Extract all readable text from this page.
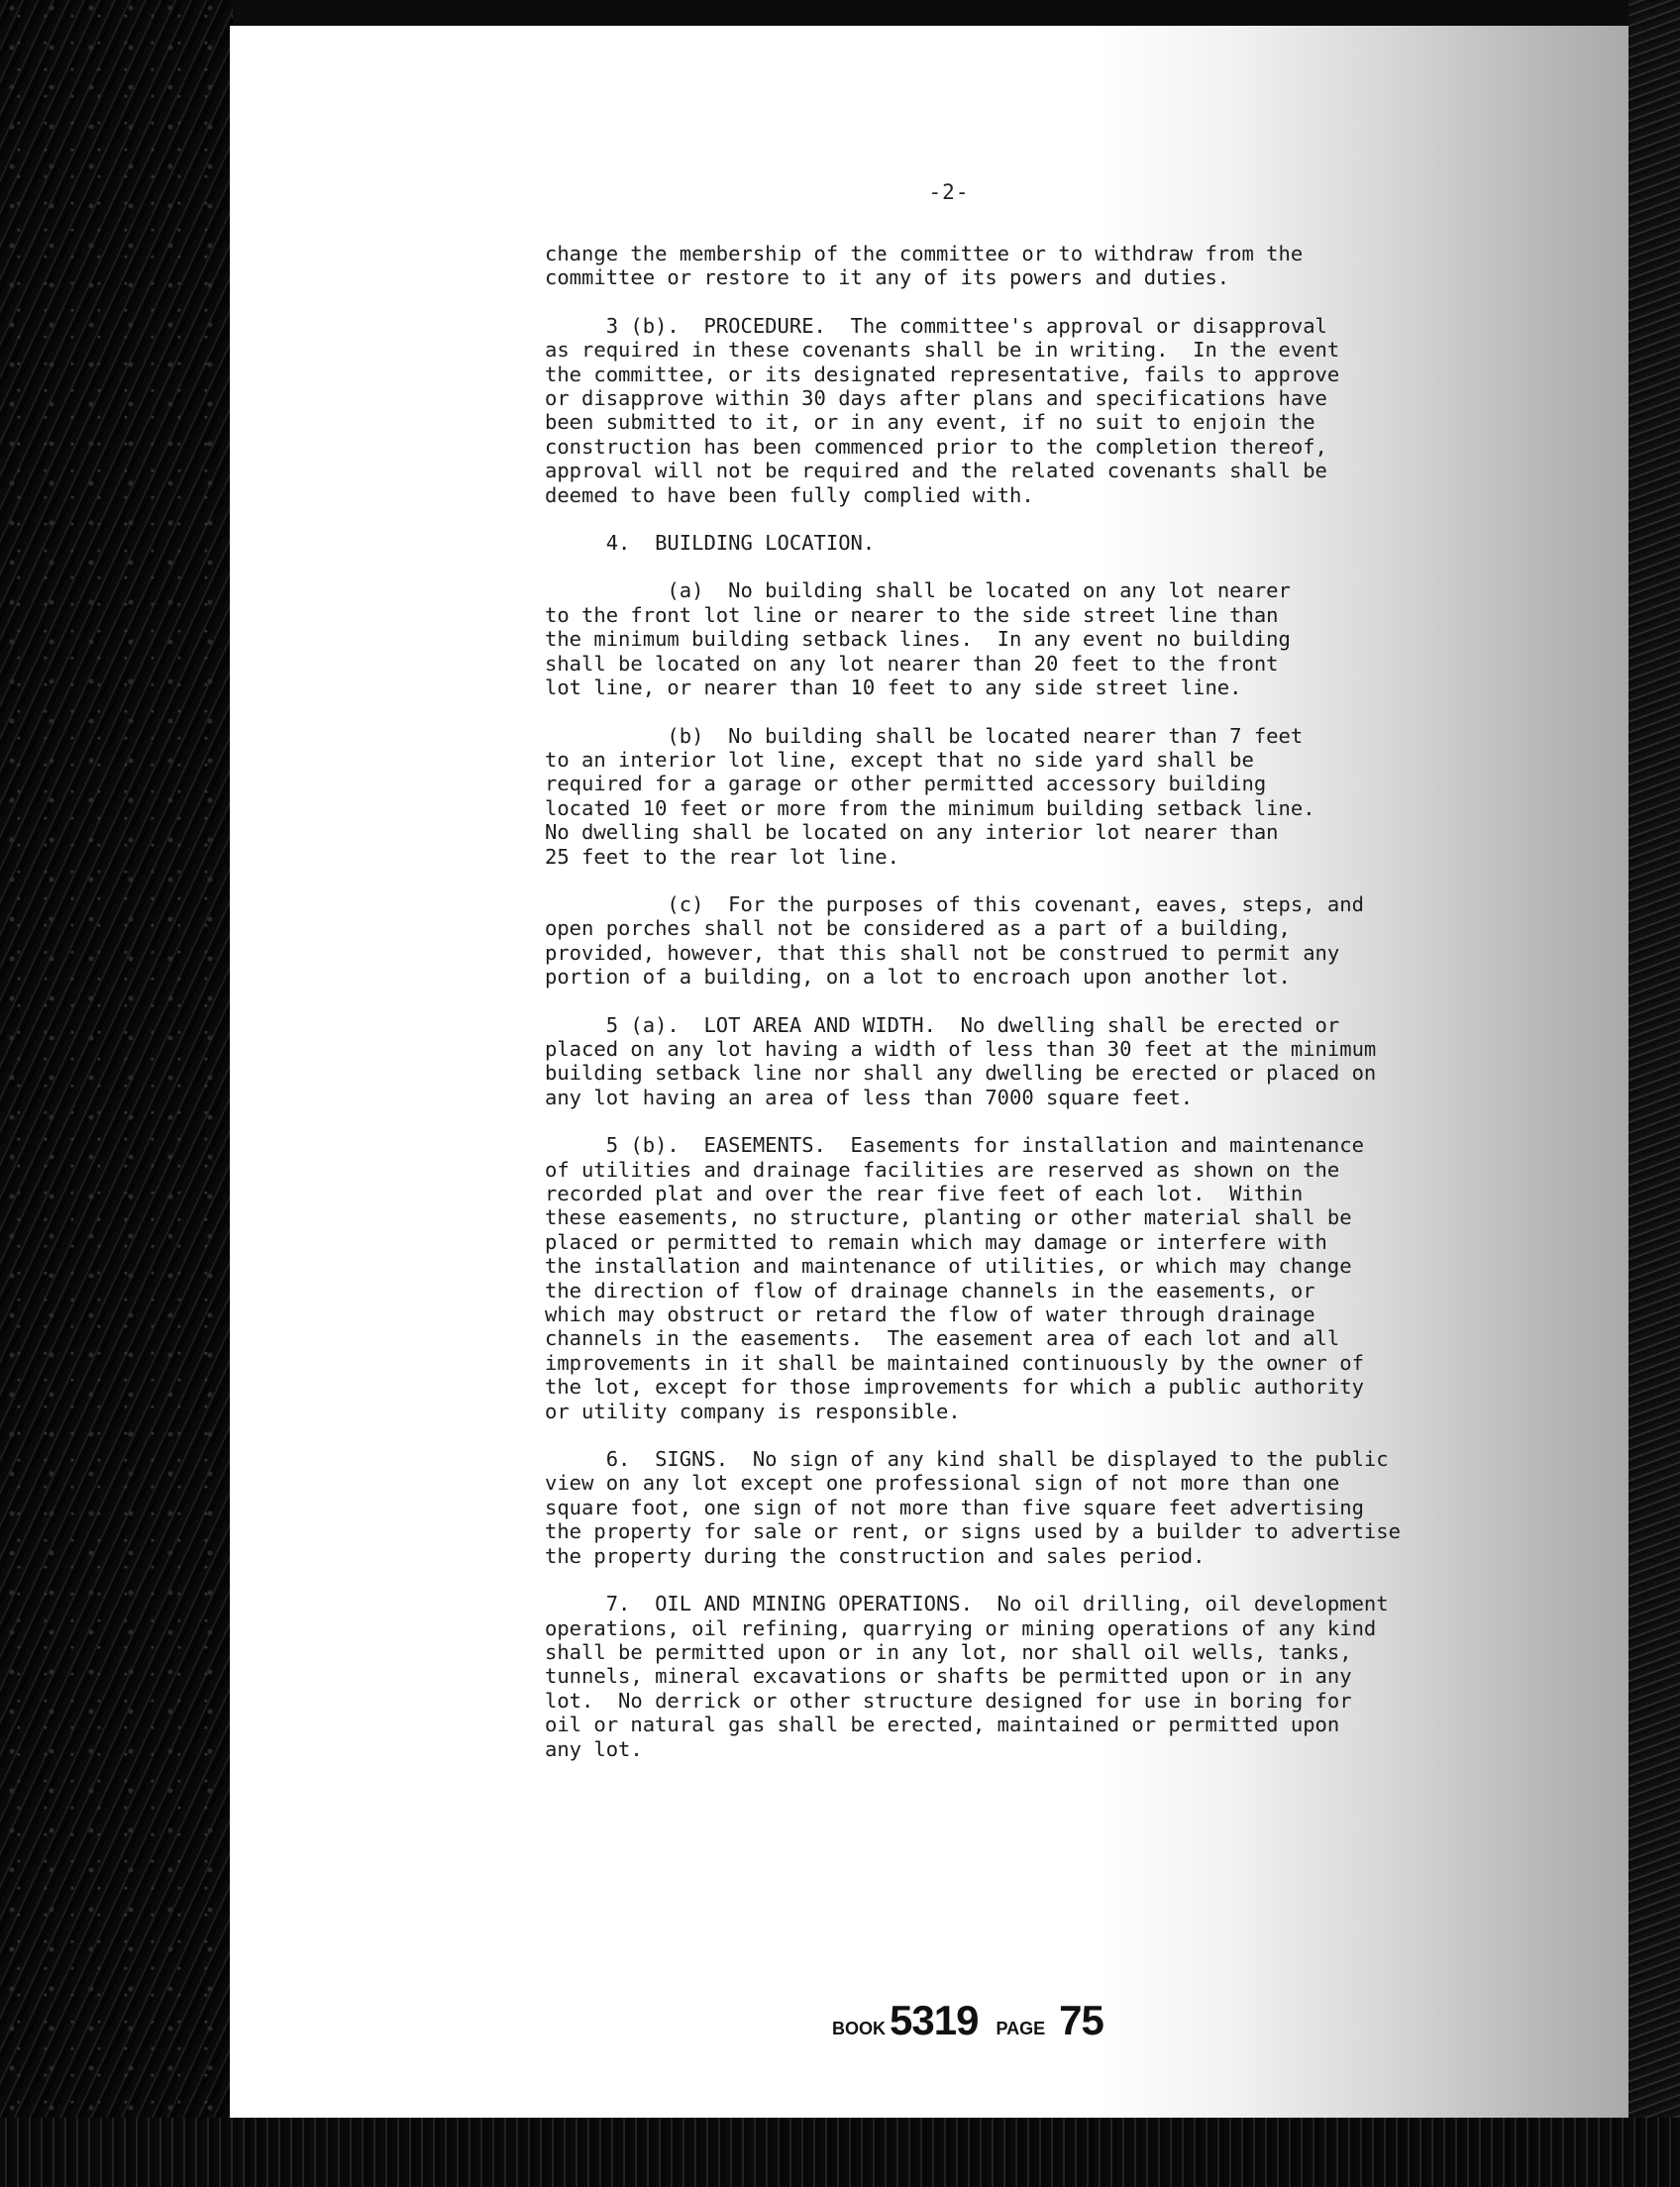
-2-

change the membership of the committee or to withdraw from the
committee or restore to it any of its powers and duties.

3 (b).  PROCEDURE.  The committee's approval or disapproval
as required in these covenants shall be in writing.  In the event
the committee, or its designated representative, fails to approve
or disapprove within 30 days after plans and specifications have
been submitted to it, or in any event, if no suit to enjoin the
construction has been commenced prior to the completion thereof,
approval will not be required and the related covenants shall be
deemed to have been fully complied with.

4.  BUILDING LOCATION.

(a)  No building shall be located on any lot nearer
to the front lot line or nearer to the side street line than
the minimum building setback lines.  In any event no building
shall be located on any lot nearer than 20 feet to the front
lot line, or nearer than 10 feet to any side street line.

(b)  No building shall be located nearer than 7 feet
to an interior lot line, except that no side yard shall be
required for a garage or other permitted accessory building
located 10 feet or more from the minimum building setback line.
No dwelling shall be located on any interior lot nearer than
25 feet to the rear lot line.

(c)  For the purposes of this covenant, eaves, steps, and
open porches shall not be considered as a part of a building,
provided, however, that this shall not be construed to permit any
portion of a building, on a lot to encroach upon another lot.

5 (a).  LOT AREA AND WIDTH.  No dwelling shall be erected or
placed on any lot having a width of less than 30 feet at the minimum
building setback line nor shall any dwelling be erected or placed on
any lot having an area of less than 7000 square feet.

5 (b).  EASEMENTS.  Easements for installation and maintenance
of utilities and drainage facilities are reserved as shown on the
recorded plat and over the rear five feet of each lot.  Within
these easements, no structure, planting or other material shall be
placed or permitted to remain which may damage or interfere with
the installation and maintenance of utilities, or which may change
the direction of flow of drainage channels in the easements, or
which may obstruct or retard the flow of water through drainage
channels in the easements.  The easement area of each lot and all
improvements in it shall be maintained continuously by the owner of
the lot, except for those improvements for which a public authority
or utility company is responsible.

6.  SIGNS.  No sign of any kind shall be displayed to the public
view on any lot except one professional sign of not more than one
square foot, one sign of not more than five square feet advertising
the property for sale or rent, or signs used by a builder to advertise
the property during the construction and sales period.

7.  OIL AND MINING OPERATIONS.  No oil drilling, oil development
operations, oil refining, quarrying or mining operations of any kind
shall be permitted upon or in any lot, nor shall oil wells, tanks,
tunnels, mineral excavations or shafts be permitted upon or in any
lot.  No derrick or other structure designed for use in boring for
oil or natural gas shall be erected, maintained or permitted upon
any lot.

BOOK 5319 PAGE 75
